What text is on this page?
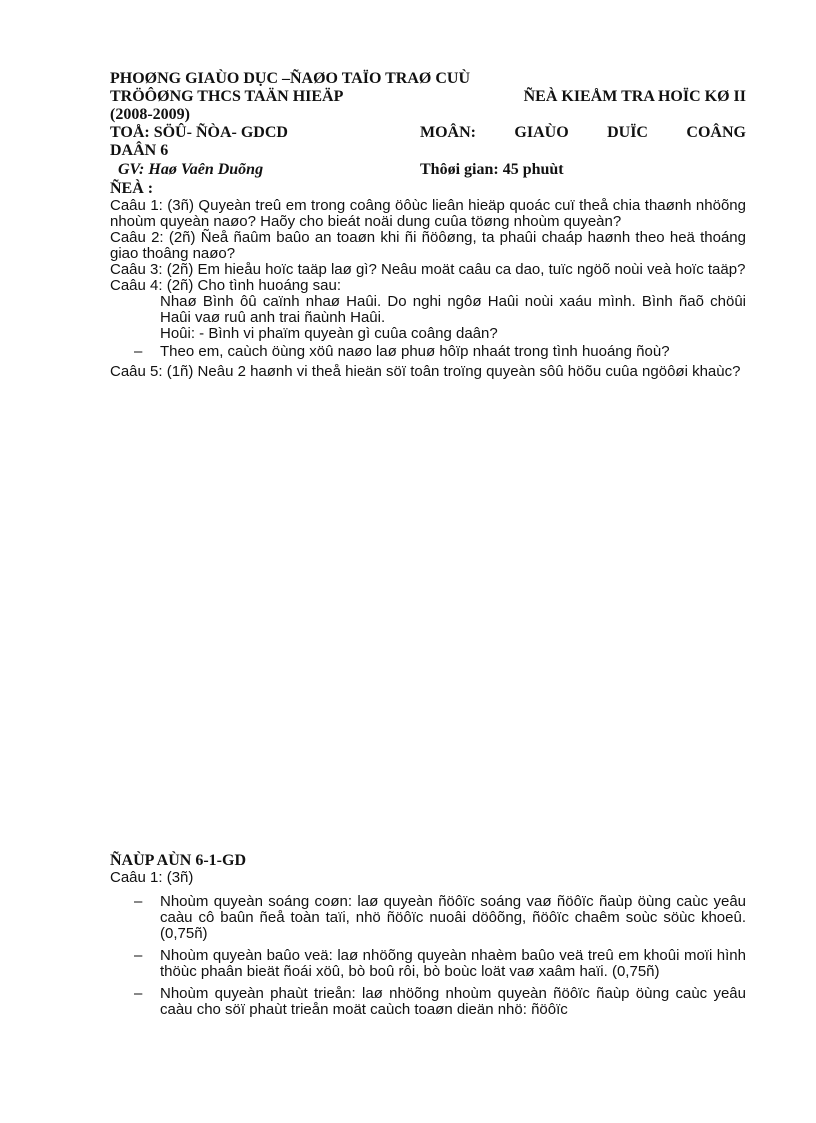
PHOØNG GIAÙO DỤC –ÑAØO TAÏO TRAØ CUÙ
TRÖÔØNG THCS TAÄN HIEÄP	ÑEÀ KIEÅM TRA HOÏC KØ II
(2008-2009)
TOÅ: SÖÛ- ÑÒA- GDCD	MOÂN: GIAÙO DUÏC COÂNG
DAÂN 6
GV: Haø Vaên Duõng	Thôøi gian: 45 phuùt
ÑEÀ :

Caâu 1: (3ñ) Quyeàn treû em trong coâng öôùc lieân hieäp quoác cuï theå chia thaønh nhöõng nhoùm quyeàn naøo? Haõy cho bieát noäi dung cuûa töøng nhoùm quyeàn?

Caâu 2: (2ñ) Ñeå ñaûm baûo an toaøn khi ñi ñöôøng, ta phaûi chaáp haønh theo heä thoáng giao thoâng naøo?

Caâu 3: (2ñ) Em hieåu hoïc taäp laø gì? Neâu moät caâu ca dao, tuïc ngöõ noùi veà hoïc taäp?

Caâu 4: (2ñ) Cho tình huoáng sau:

Nhaø Bình ôû caïnh nhaø Haûi. Do nghi ngôø Haûi noùi xaáu mình. Bình ñaõ chöûi Haûi vaø ruû anh trai ñaùnh Haûi.

Hoûi: - Bình vi phaïm quyeàn gì cuûa coâng daân?

–	Theo em, caùch öùng xöû naøo laø phuø hôïp nhaát trong tình huoáng ñoù?

Caâu 5: (1ñ) Neâu 2 haønh vi theå hieän söï toân troïng quyeàn sôû höõu cuûa ngöôøi khaùc?

ÑAÙP AÙN 6-1-GD

Caâu 1: (3ñ)

–	Nhoùm quyeàn soáng coøn: laø quyeàn ñöôïc soáng vaø ñöôïc ñaùp öùng caùc yeâu caàu cô baûn ñeå toàn taïi, nhö ñöôïc nuoâi döôõng, ñöôïc chaêm soùc söùc khoeû. (0,75ñ)
–	Nhoùm quyeàn baûo veä: laø nhöõng quyeàn nhaèm baûo veä treû em khoûi moïi hình thöùc phaân bieät ñoái xöû, bò boû rôi, bò boùc loät vaø xaâm haïi. (0,75ñ)
–	Nhoùm quyeàn phaùt trieån: laø nhöõng nhoùm quyeàn ñöôïc ñaùp öùng caùc yeâu caàu cho söï phaùt trieån moät caùch toaøn dieän nhö: ñöôïc
